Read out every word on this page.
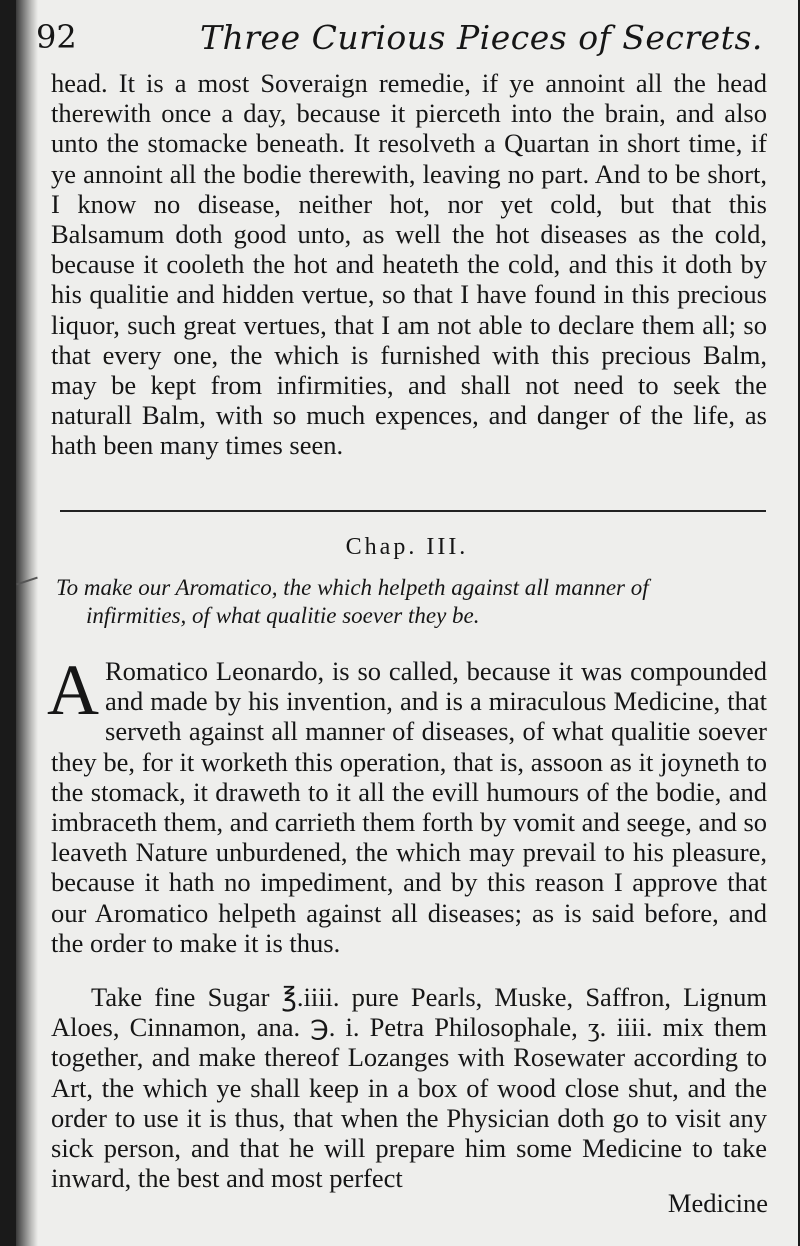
92	Three Curious Pieces of Secrets.

head. It is a most Soveraign remedie, if ye annoint all the head therewith once a day, because it pierceth into the brain, and also unto the stomacke beneath. It resolveth a Quartan in short time, if ye annoint all the bodie therewith, leaving no part. And to be short, I know no disease, neither hot, nor yet cold, but that this Balsamum doth good unto, as well the hot diseases as the cold, because it cooleth the hot and heateth the cold, and this it doth by his qualitie and hidden vertue, so that I have found in this precious liquor, such great vertues, that I am not able to declare them all; so that every one, the which is furnished with this precious Balm, may be kept from infirmities, and shall not need to seek the naturall Balm, with so much expences, and danger of the life, as hath been many times seen.

Chap. III.
To make our Aromatico, the which helpeth against all manner of
infirmities, of what qualitie soever they be.
A Romatico Leonardo, is so called, because it was compounded and made by his invention, and is a miraculous Medicine, that serveth against all manner of diseases, of what qualitie soever they be, for it worketh this operation, that is, assoon as it joyneth to the stomack, it draweth to it all the evill humours of the bodie, and imbraceth them, and carrieth them forth by vomit and seege, and so leaveth Nature unburdened, the which may prevail to his pleasure, because it hath no impediment, and by this reason I approve that our Aromatico helpeth against all diseases; as is said before, and the order to make it is thus.

Take fine Sugar ℥.iiii. pure Pearls, Muske, Saffron, Lignum Aloes, Cinnamon, ana. ℈. i. Petra Philosophale, ʒ. iiii. mix them together, and make thereof Lozanges with Rosewater according to Art, the which ye shall keep in a box of wood close shut, and the order to use it is thus, that when the Physician doth go to visit any sick person, and that he will prepare him some Medicine to take inward, the best and most perfect

Medicine
